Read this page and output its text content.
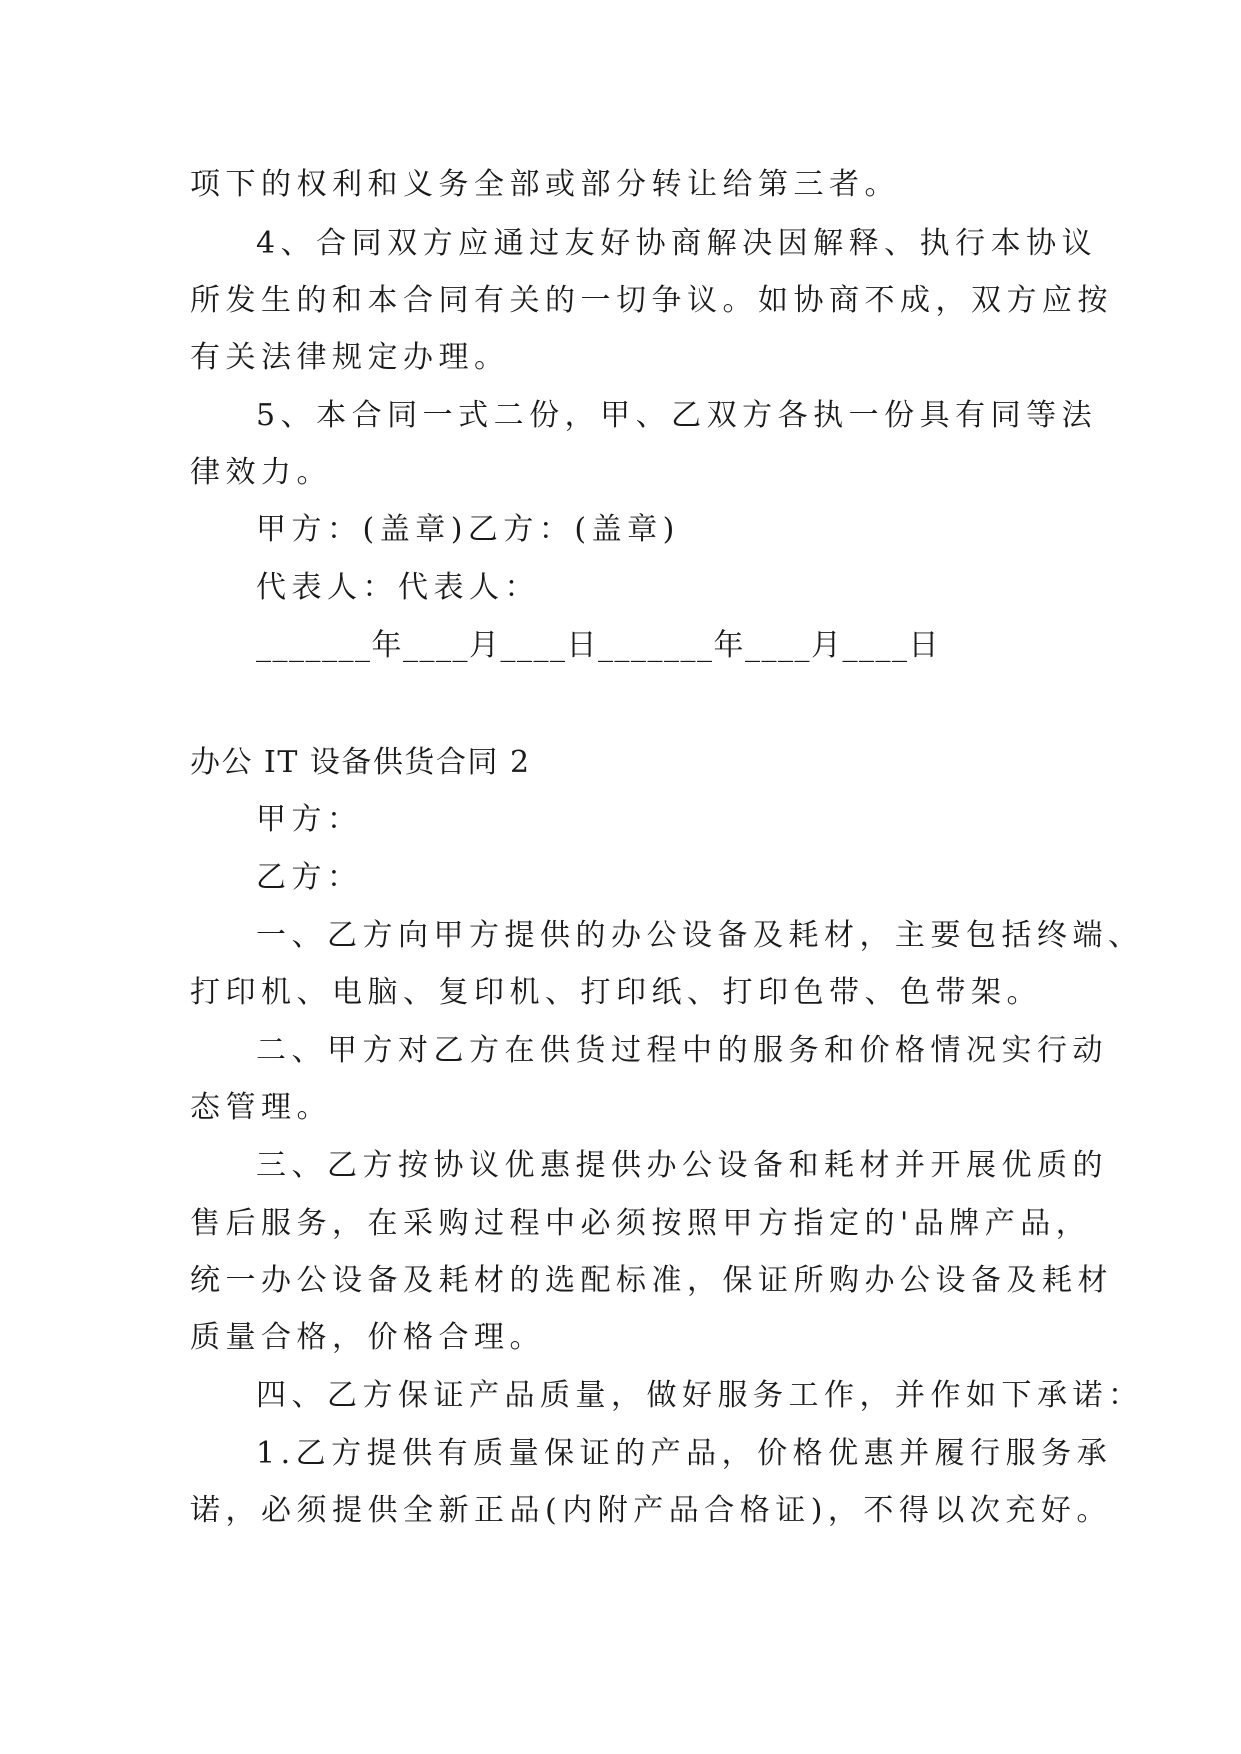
项下的权利和义务全部或部分转让给第三者。
4、合同双方应通过友好协商解决因解释、执行本协议
所发生的和本合同有关的一切争议。如协商不成，双方应按
有关法律规定办理。
5、本合同一式二份，甲、乙双方各执一份具有同等法
律效力。
甲方：(盖章)乙方：(盖章)
代表人：代表人：
_______年____月____日_______年____月____日
办公 IT 设备供货合同 2
甲方：
乙方：
一、乙方向甲方提供的办公设备及耗材，主要包括终端、
打印机、电脑、复印机、打印纸、打印色带、色带架。
二、甲方对乙方在供货过程中的服务和价格情况实行动
态管理。
三、乙方按协议优惠提供办公设备和耗材并开展优质的
售后服务，在采购过程中必须按照甲方指定的'品牌产品，
统一办公设备及耗材的选配标准，保证所购办公设备及耗材
质量合格，价格合理。
四、乙方保证产品质量，做好服务工作，并作如下承诺：
1.乙方提供有质量保证的产品，价格优惠并履行服务承
诺，必须提供全新正品(内附产品合格证)，不得以次充好。
